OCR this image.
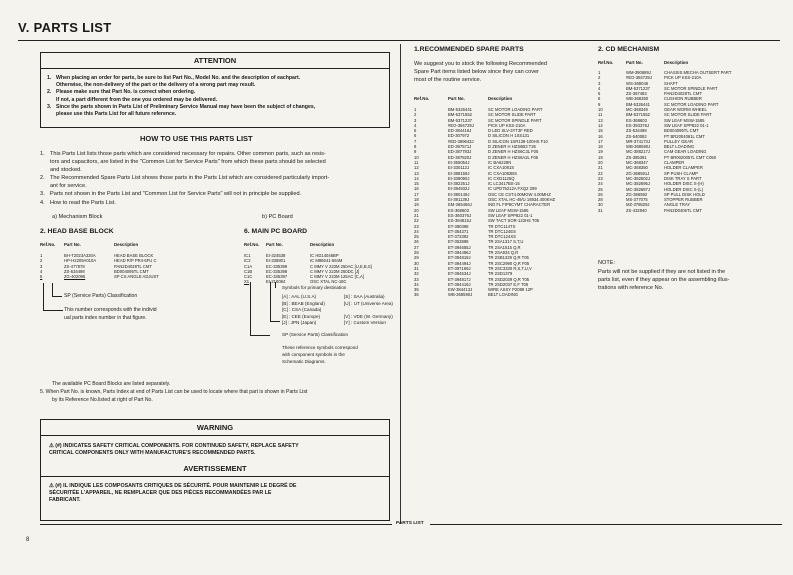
V. PARTS LIST
ATTENTION
1. When placing an order for parts, be sure to list Part No., Model No. and the description of eachpart.
Otherwise, the non-delivery of the part or the delivery of a wrong part may result.
2. Please make sure that Part No. is correct when ordering.
If not, a part different from the one you ordered may be delivered.
3. Since the parts shown in Parts List of Preliminary Service Manual may have been the subject of changes,
please use this Parts List for all future reference.
HOW TO USE THIS PARTS LIST
1. This Parts List lists those parts which are considered necessary for repairs. Other common parts, such as resis-
tors and capacitors, are listed in the "Common List for Service Parts" from which these parts should be selected
and stocked.
2. The Recommended Spare Parts List shows those parts in the Parts List which are considered particularly import-
ant for service.
3. Parts not shown in the Parts List and "Common List for Service Parts" will not in principle be supplied.
4. How to read the Parts List.
a) Mechanism Block	b) PC Board
2. HEAD BASE BLOCK
Ref.No.	Part No.	Description

1	BH-T2023A320A	HEAD BASE BLOCK
2	HP-H2209A010A	HEAD R/P PR4-6FU C
3	ZS-477878	PAN2D4028TL CMT
4	ZS-534498	BD004095TL CMT
5	ZG-402095	SP CS ANGLE ADJUST
SP (Service Parts) Classification
This number corresponds with the individ
ual parts index number in that figure.
6. MAIN PC BOARD
Ref.No.	Part No.	Description

IC1	EI-324538	IC HD14046BP
IC2	EI-336801	IC M86641-564M
C1A	EC-335399	C MMY V 223M 250AC [U,E,B,S]
C1B	EC-335398	C MMY V 223M 250DC [J]
C1C	EC-335397	C MMY V 223M 125AC [C,A]
X1	EI-216084	OSC XTAL NC-18C
Symbols for primary destination
[A] : AAL (U.S.A)	[S] : SAA (Australia)
[B] : BEAB (England)	[U] : UT (Universe Area)
[C] : CSA (Canada)
[E] : CEE (Europe)	[V] : VDE (W. Germany)
[J] : JPN (Japan)	[Y] : Custom Version
SP (Service Parts) Classification
These reference symbols correspond
with component symbols in the
Schematic Diagrams.
The available PC Board Blocks are listed separately.
5. When Part No. is known, Parts Index at end of Parts List can be used to locate where that part is shown in Parts List
by its Reference No.listed at right of Part No.
WARNING
⚠ (#) INDICATES SAFETY CRITICAL COMPONENTS. FOR CONTINUED SAFETY, REPLACE SAFETY
CRITICAL COMPONENTS ONLY WITH MANUFACTURE'S RECOMMENDED PARTS.
AVERTISSEMENT
⚠ (#) IL INDIQUE LES COMPOSANTS CRITIQUES DE SÉCURITÉ. POUR MAINTENIR LE DEGRÉ DE
SÉCURITÉE L'APPAREIL, NE REMPLACER QUE DES PIÈCES RECOMMANDÉES PAR LE
FABRICANT.
1.RECOMMENDED SPARE PARTS
We suggest you to stock the following Recommended
Spare Part items listed below since they can cover
most of the routine service.
Ref.No.	Part No.	Description

1	BM-5326441	SC MOTOR LOADING PART
2	BM-5371552	SC MOTOR SLIDE PART
3	BM-5371237	SC MOTOR SPINDLE PART
4	#EO-384729J	PICK UP KSS-210A
5	ED-384416J	D LED SLV-3YT3F RED
6	ED-307972	D SILICON H 1SS131
7	#ED-389643J	D SILICON 1SR139-100HS F10
8	ED-397571J	D ZENER H HZS6B3 T26
9	ED-387783J	D ZENER H HZS6C3L F05
10	ED-387820J	D ZENER H HZS6A2L F05
11	EI-355054J	IC BA6229N
12	EI-330112J	IC CXA1081S
13	EI-388159J	IC CXA1082BS
14	EI-338090J	IC CXD1125Q
15	EI-382251J	IC LC3417BS-15
16	EI-394932J	IC UPD75212A FXQ2 299
17	EI-390149J	OSC CE CST4.00MGW 4.00MHZ
18	EI-391139J	OSC XTAL HC-49/U 16934.400KHZ
19	EM-365466J	IND FL FIP9CYMT CHARACTER
20	ES-368603	SW LEAF MSW-1585
21	ES-360376J	SW LEAF SPP822 01-1
22	ES-394815J	SW TACT SOR-123HS T05
23	ET-380398	TR DTC114TS
24	ET-354371	TR DTC124ES
25	ET-373392	TR DTC124XS
26	ET-353898	TR 2SA1317 S,T,U
27	ET-394655J	TR 2SA1515 Q,R
28	ET-394486J	TR 2SA934 Q,R
29	ET-394819J	TR 2SB1329 Q,R T05
30	ET-394494J	TR 2SC2990 Q,R F05
31	ET-397169J	TR 2SC3330 R,S,T,U,V
32	ET-394534J	TR 2SD1379
33	ET-394817J	TR 2SD2039 Q,R T05
34	ET-394419J	TR 2SD2037 E,F T05
35	EW-384413J	WIRE ASSY P2089 12P
36	WB-368590J	BELT LOADING
2. CD MECHANISM
Ref.No.	Part No.	Description

1	WM-390689J	CHASSIS MECHA OUTSERT PART
2	#EO-384729J	PICK UP KSS-210A
3	WS-368046	SHAFT
4	BM-5371237	SC MOTOR SPINDLE PART
5	ZS-367483	PAN2D4028TL CMT
6	WB-368350	CUSHION RUBBER
9	BM-5326441	SC MOTOR LOADING PART
10	MC-368349	GEAR WORM WHEEL
11	BM-5371552	SC MOTOR SLIDE PART
13	ES-368603	SW LEAF MSW-1585
14	ES-393376J	SW LEAF SPP822 01-1
15	ZS-534498	BD004095TL CMT
16	ZS-540082	PT BR2004061L CMT
17	MR-374173J	PULLEY GEAR
18	WB-368590J	BELT LOADING
19	MC-388217J	CAM GEAR LOADING
19	ZS-385391	PT BR0020057L CMT C050
20	MC-368347	CLAMPER
21	MC-368350	HOLDER CLAMPER
22	ZG-368591J	SP PUSH CLAMP
23	MC-382602J	DISK TRAY S PART
24	MC-382695J	HOLDER DISC S-(H)
25	MC-382687J	HOLDER DISC S-(L)
26	ZG-366592	SP PULL DISK HOLD
28	MS-377075	STOPPER RUBBER
30	MZ-378829J	ANGLE TRAY
31	ZS-432940	PAN2D0406TL CMT
NOTE:
Parts will not be supplied if they are not listed in the
parts list, even if they appear on the assembling illus-
trations with reference No.
PARTS LIST
8
